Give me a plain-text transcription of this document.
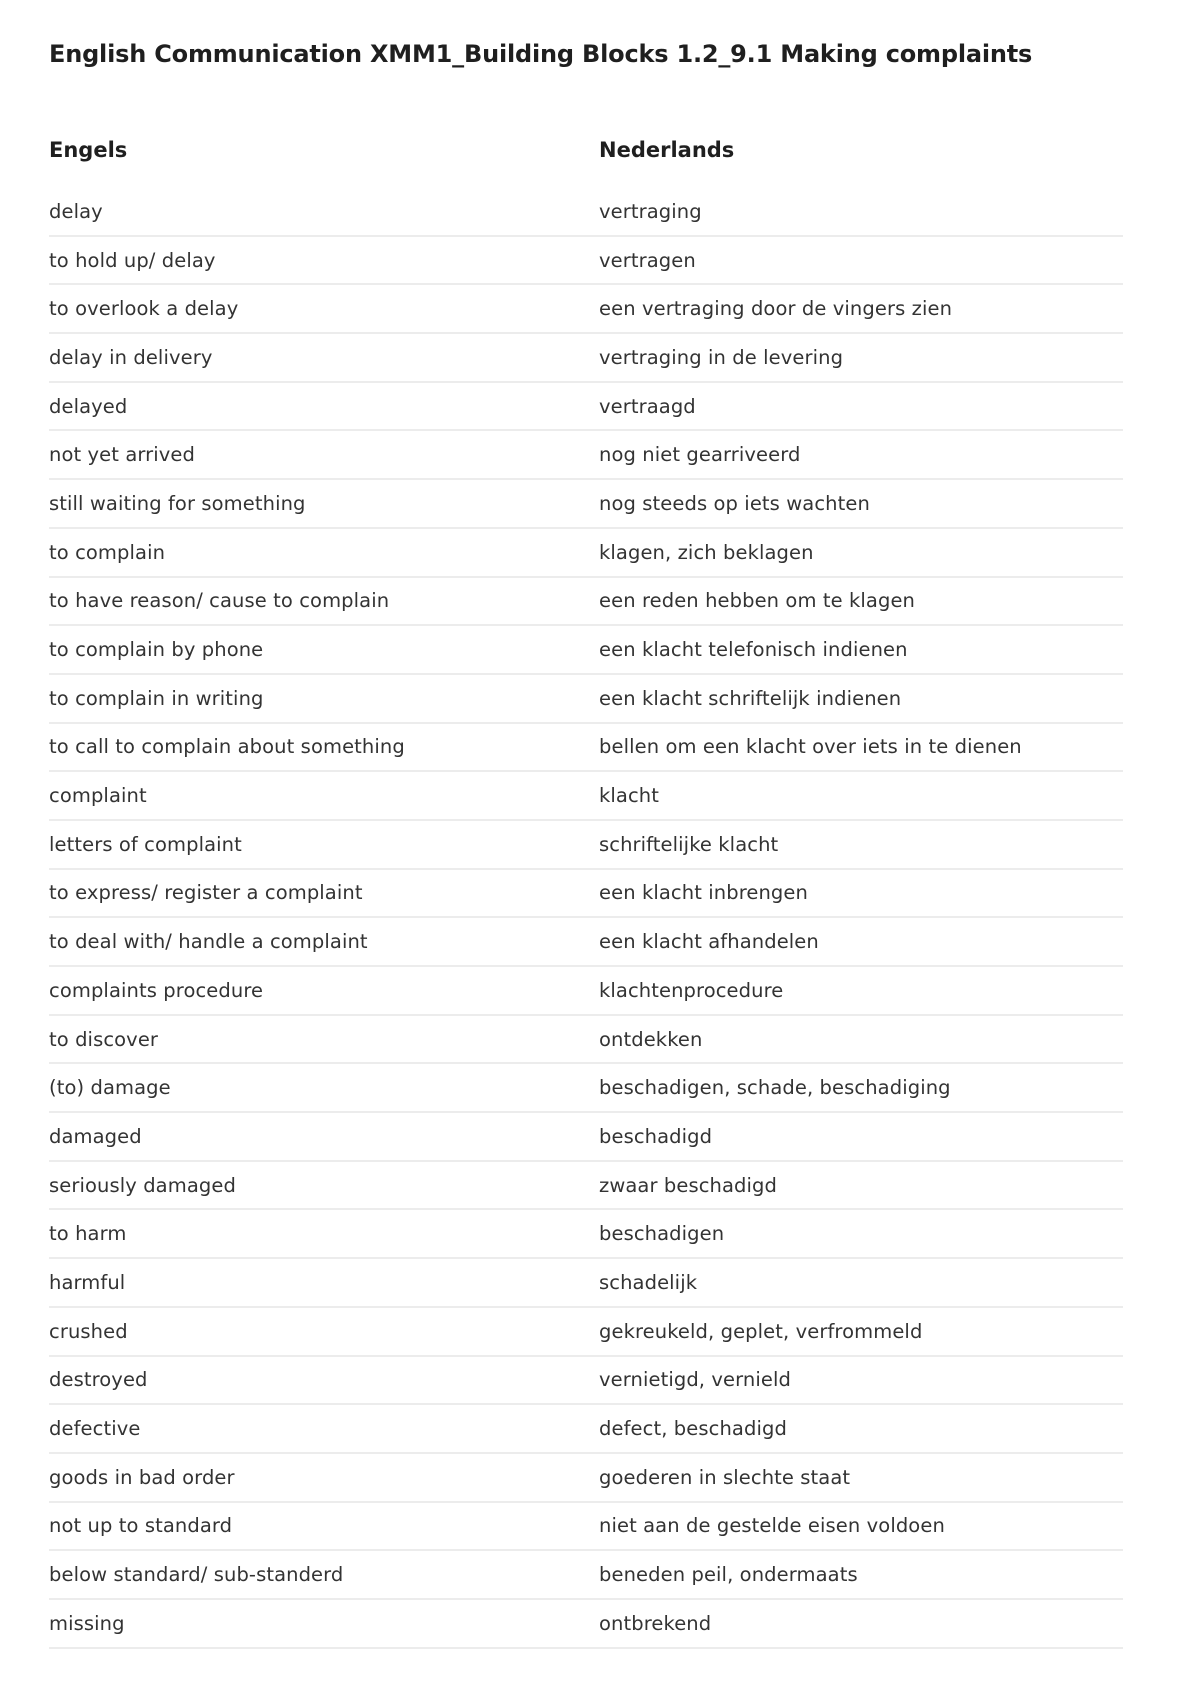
English Communication XMM1_Building Blocks 1.2_9.1 Making complaints
Engels	Nederlands
delay	vertraging
to hold up/ delay	vertragen
to overlook a delay	een vertraging door de vingers zien
delay in delivery	vertraging in de levering
delayed	vertraagd
not yet arrived	nog niet gearriveerd
still waiting for something	nog steeds op iets wachten
to complain	klagen, zich beklagen
to have reason/ cause to complain	een reden hebben om te klagen
to complain by phone	een klacht telefonisch indienen
to complain in writing	een klacht schriftelijk indienen
to call to complain about something	bellen om een klacht over iets in te dienen
complaint	klacht
letters of complaint	schriftelijke klacht
to express/ register a complaint	een klacht inbrengen
to deal with/ handle a complaint	een klacht afhandelen
complaints procedure	klachtenprocedure
to discover	ontdekken
(to) damage	beschadigen, schade, beschadiging
damaged	beschadigd
seriously damaged	zwaar beschadigd
to harm	beschadigen
harmful	schadelijk
crushed	gekreukeld, geplet, verfrommeld
destroyed	vernietigd, vernield
defective	defect, beschadigd
goods in bad order	goederen in slechte staat
not up to standard	niet aan de gestelde eisen voldoen
below standard/ sub-standerd	beneden peil, ondermaats
missing	ontbrekend
